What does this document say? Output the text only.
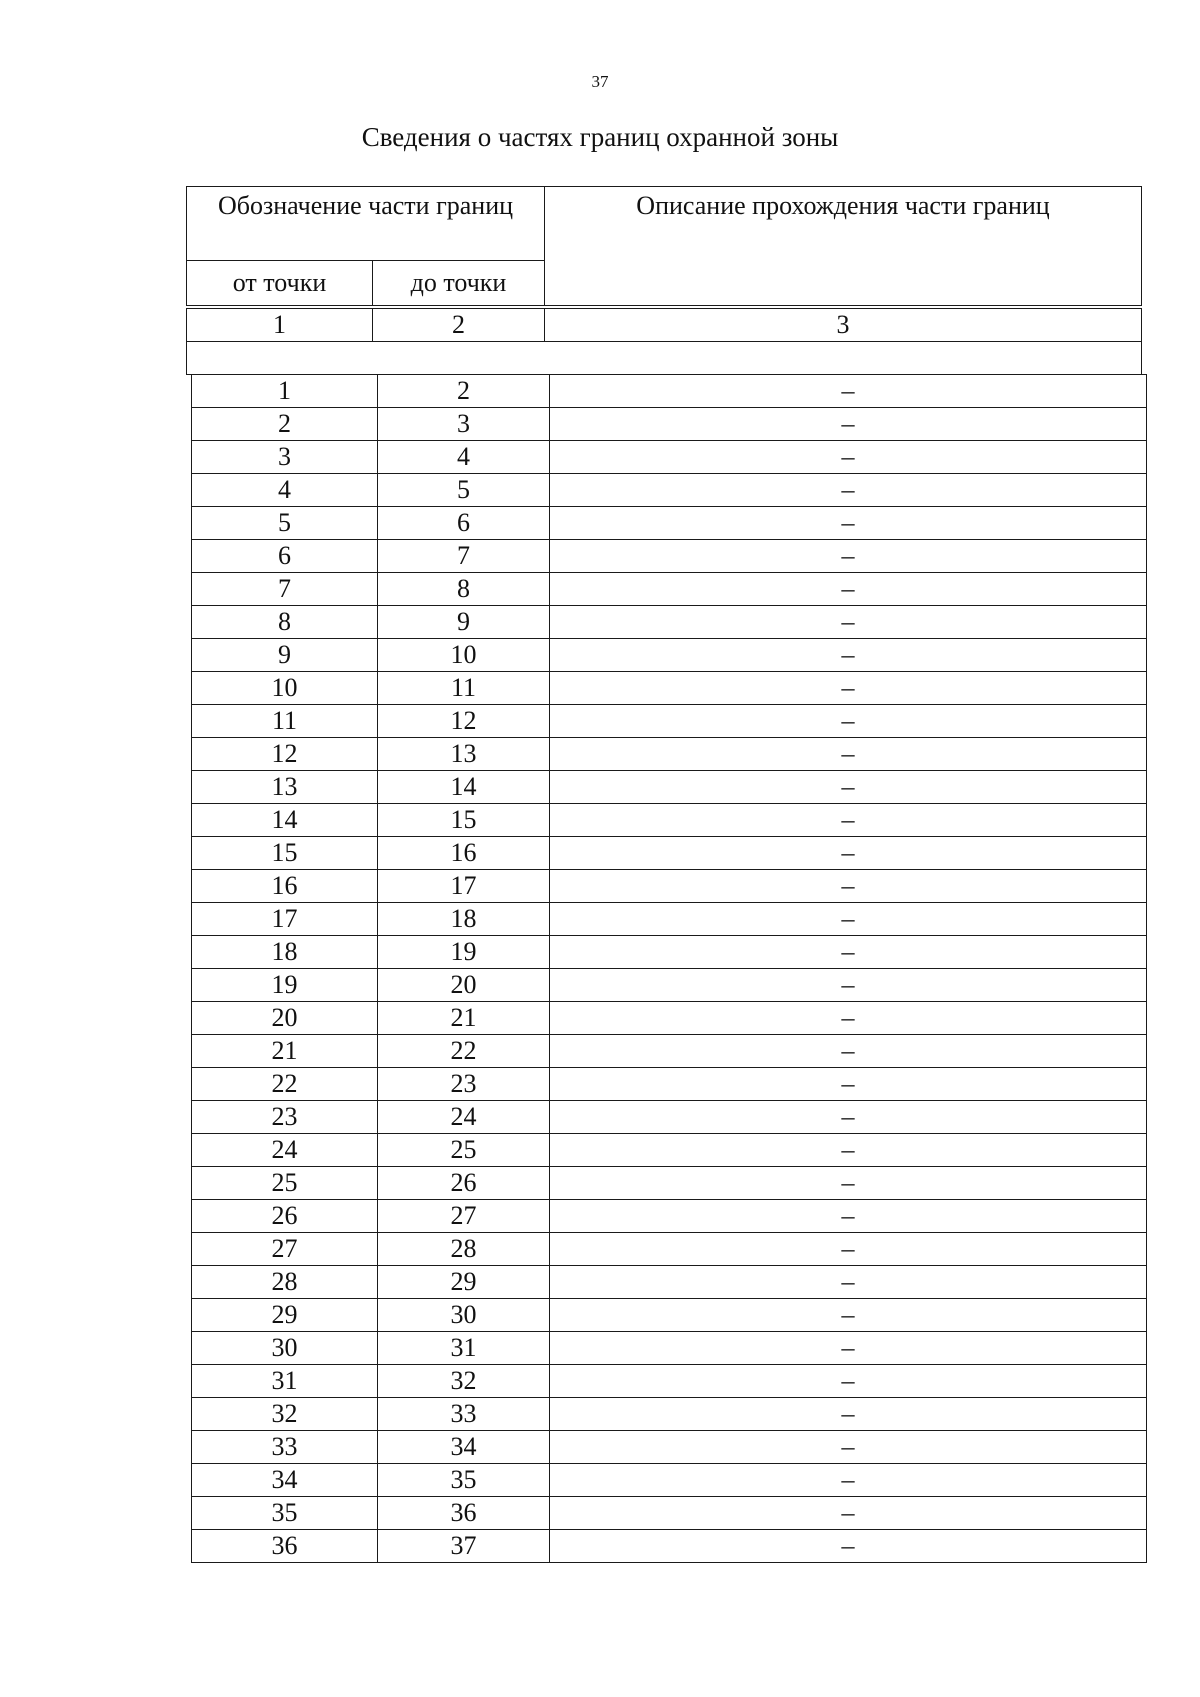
37
Сведения о частях границ охранной зоны
Обозначение части границ		Описание прохождения части границ
от точки	до точки	
1	2	3

1	2	–
2	3	–
3	4	–
4	5	–
5	6	–
6	7	–
7	8	–
8	9	–
9	10	–
10	11	–
11	12	–
12	13	–
13	14	–
14	15	–
15	16	–
16	17	–
17	18	–
18	19	–
19	20	–
20	21	–
21	22	–
22	23	–
23	24	–
24	25	–
25	26	–
26	27	–
27	28	–
28	29	–
29	30	–
30	31	–
31	32	–
32	33	–
33	34	–
34	35	–
35	36	–
36	37	–
